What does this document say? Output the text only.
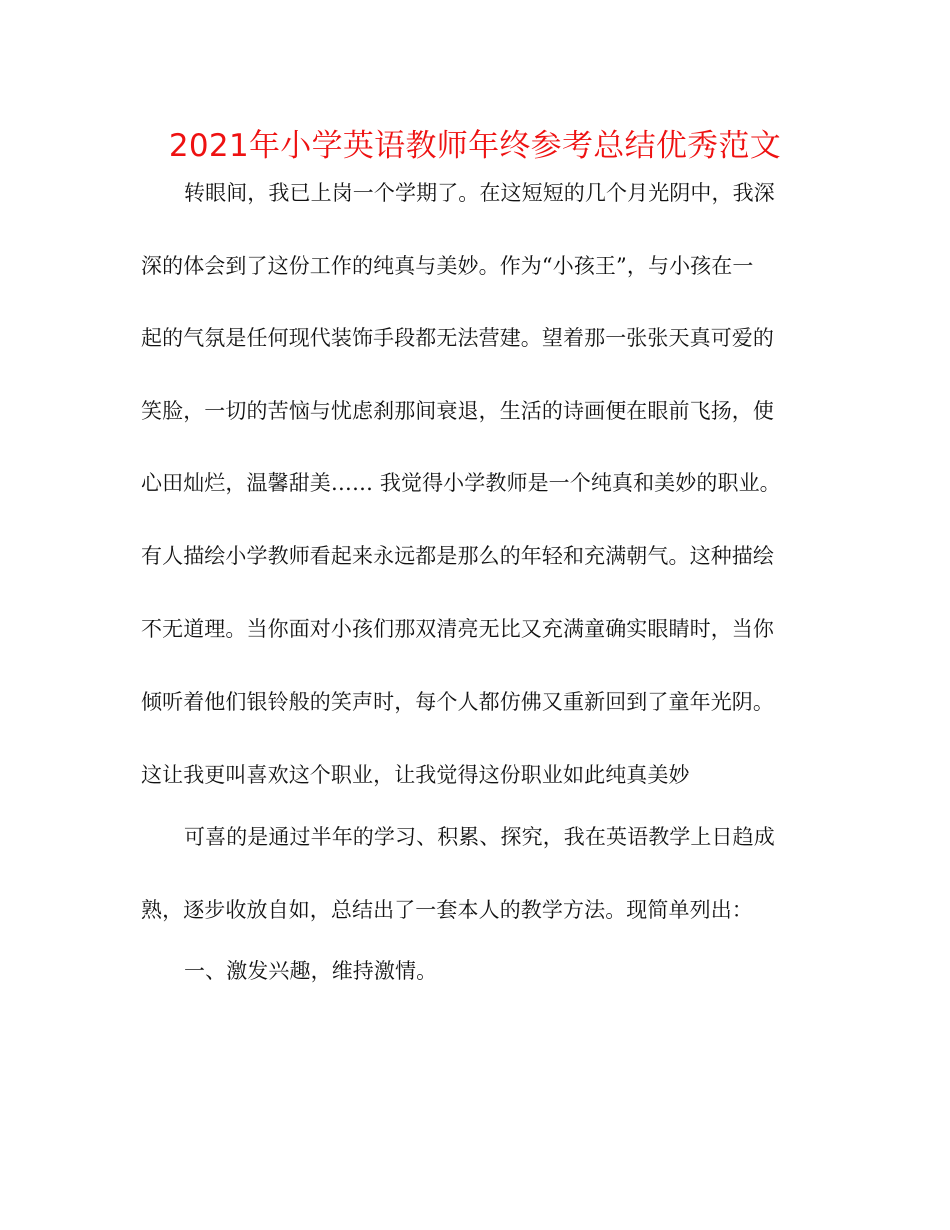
2021年小学英语教师年终参考总结优秀范文
转眼间，我已上岗一个学期了。在这短短的几个月光阴中，我深
深的体会到了这份工作的纯真与美妙。作为“小孩王”，与小孩在一
起的气氛是任何现代装饰手段都无法营建。望着那一张张天真可爱的
笑脸，一切的苦恼与忧虑刹那间衰退，生活的诗画便在眼前飞扬，使
心田灿烂，温馨甜美…… 我觉得小学教师是一个纯真和美妙的职业。
有人描绘小学教师看起来永远都是那么的年轻和充满朝气。这种描绘
不无道理。当你面对小孩们那双清亮无比又充满童确实眼睛时，当你
倾听着他们银铃般的笑声时，每个人都仿佛又重新回到了童年光阴。
这让我更叫喜欢这个职业，让我觉得这份职业如此纯真美妙
可喜的是通过半年的学习、积累、探究，我在英语教学上日趋成
熟，逐步收放自如，总结出了一套本人的教学方法。现简单列出：
一、激发兴趣，维持激情。
